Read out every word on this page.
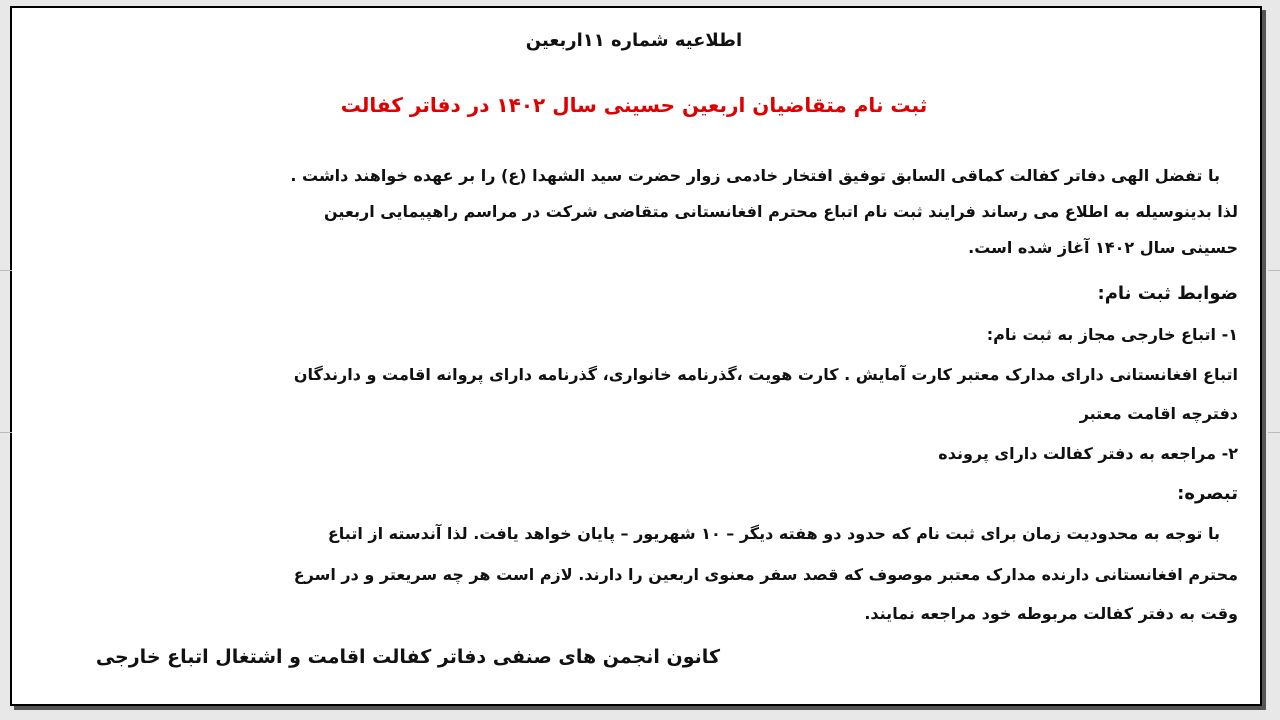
اطلاعیه شماره ۱۱اربعین
ثبت نام متقاضیان اربعین حسینی سال ۱۴۰۲ در دفاتر کفالت
با تفضل الهی دفاتر کفالت کماقی السابق توفیق افتخار خادمی زوار حضرت سید الشهدا (ع) را بر عهده خواهند داشت .
لذا بدینوسیله به اطلاع می رساند فرایند ثبت نام اتباع محترم افغانستانی متقاضی شرکت در مراسم راهپیمایی اربعین
حسینی سال ۱۴۰۲ آغاز شده است.
ضوابط ثبت نام:
۱- اتباع خارجی مجاز به ثبت نام:
اتباع افغانستانی دارای مدارک معتبر کارت آمایش . کارت هویت ،گذرنامه خانواری، گذرنامه دارای پروانه اقامت و دارندگان
دفترچه اقامت معتبر
۲- مراجعه به دفتر کفالت دارای پرونده
تبصره:
با توجه به محدودیت زمان برای ثبت نام که حدود دو هفته دیگر – ۱۰ شهریور – پایان خواهد یافت. لذا آندسته از اتباع
محترم افغانستانی دارنده مدارک معتبر موصوف که قصد سفر معنوی اربعین را دارند. لازم است هر چه سریعتر و در اسرع
وقت به دفتر کفالت مربوطه خود مراجعه نمایند.
کانون انجمن های صنفی دفاتر کفالت اقامت و اشتغال اتباع خارجی
